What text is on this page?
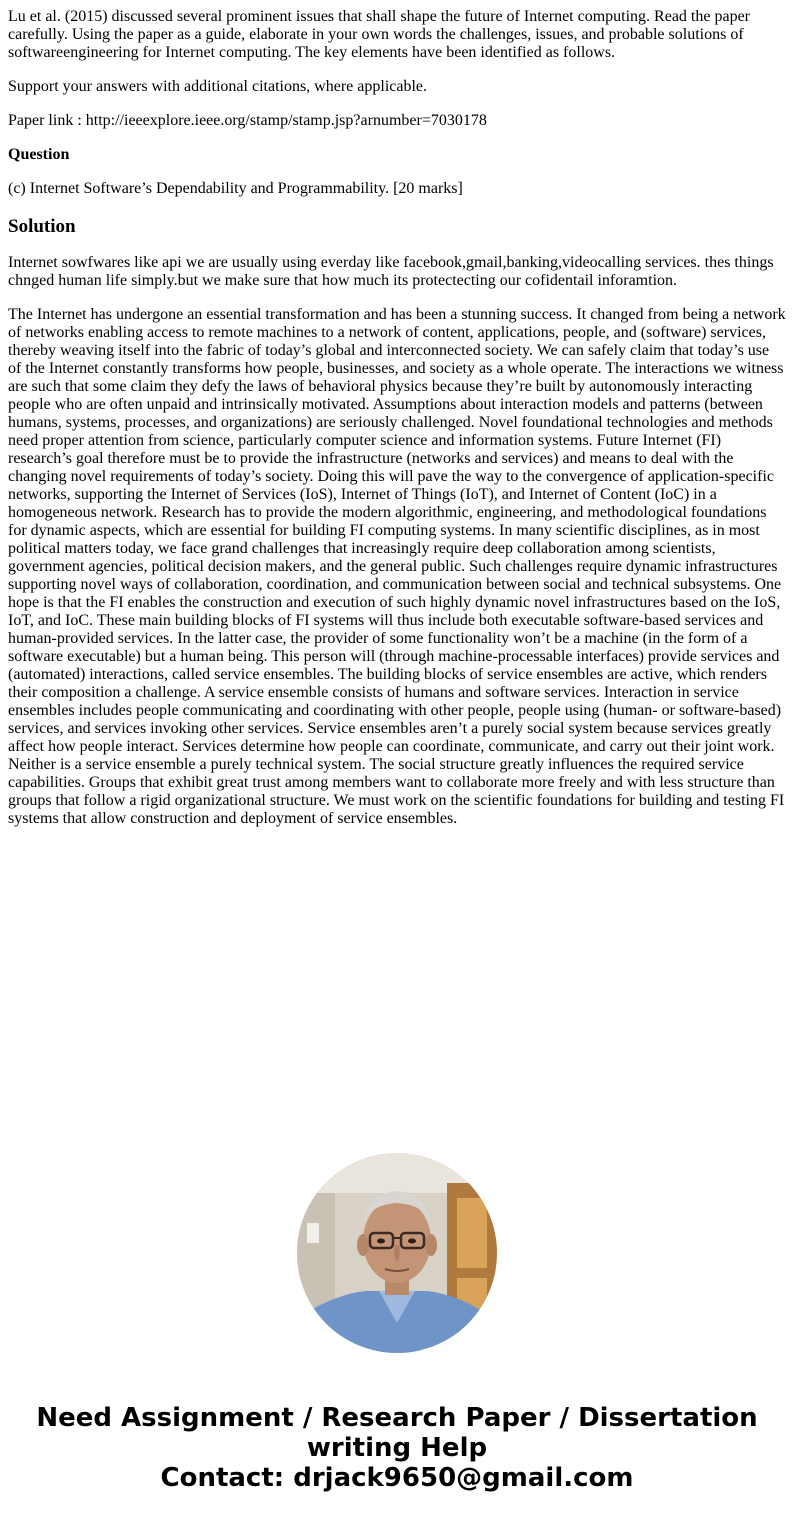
Lu et al. (2015) discussed several prominent issues that shall shape the future of Internet computing. Read the paper carefully. Using the paper as a guide, elaborate in your own words the challenges, issues, and probable solutions of softwareengineering for Internet computing. The key elements have been identified as follows.

Support your answers with additional citations, where applicable.

Paper link : http://ieeexplore.ieee.org/stamp/stamp.jsp?arnumber=7030178

Question

(c) Internet Software’s Dependability and Programmability. [20 marks]

Solution

Internet sowfwares like api we are usually using everday like facebook,gmail,banking,videocalling services. thes things chnged human life simply.but we make sure that how much its protectecting our cofidentail inforamtion.

The Internet has undergone an essential transformation and has been a stunning success. It changed from being a network of networks enabling access to remote machines to a network of content, applications, people, and (software) services, thereby weaving itself into the fabric of today’s global and interconnected society. We can safely claim that today’s use of the Internet constantly transforms how people, businesses, and society as a whole operate. The interactions we witness are such that some claim they defy the laws of behavioral physics because they’re built by autonomously interacting people who are often unpaid and intrinsically motivated. Assumptions about interaction models and patterns (between humans, systems, processes, and organizations) are seriously challenged. Novel foundational technologies and methods need proper attention from science, particularly computer science and information systems. Future Internet (FI) research’s goal therefore must be to provide the infrastructure (networks and services) and means to deal with the changing novel requirements of today’s society. Doing this will pave the way to the convergence of application-specific networks, supporting the Internet of Services (IoS), Internet of Things (IoT), and Internet of Content (IoC) in a homogeneous network. Research has to provide the modern algorithmic, engineering, and methodological foundations for dynamic aspects, which are essential for building FI computing systems. In many scientific disciplines, as in most political matters today, we face grand challenges that increasingly require deep collaboration among scientists, government agencies, political decision makers, and the general public. Such challenges require dynamic infrastructures supporting novel ways of collaboration, coordination, and communication between social and technical subsystems. One hope is that the FI enables the construction and execution of such highly dynamic novel infrastructures based on the IoS, IoT, and IoC. These main building blocks of FI systems will thus include both executable software-based services and human-provided services. In the latter case, the provider of some functionality won’t be a machine (in the form of a software executable) but a human being. This person will (through machine-processable interfaces) provide services and (automated) interactions, called service ensembles. The building blocks of service ensembles are active, which renders their composition a challenge. A service ensemble consists of humans and software services. Interaction in service ensembles includes people communicating and coordinating with other people, people using (human- or software-based) services, and services invoking other services. Service ensembles aren’t a purely social system because services greatly affect how people interact. Services determine how people can coordinate, communicate, and carry out their joint work. Neither is a service ensemble a purely technical system. The social structure greatly influences the required service capabilities. Groups that exhibit great trust among members want to collaborate more freely and with less structure than groups that follow a rigid organizational structure. We must work on the scientific foundations for building and testing FI systems that allow construction and deployment of service ensembles.

Need Assignment / Research Paper / Dissertation
writing Help
Contact: drjack9650@gmail.com
